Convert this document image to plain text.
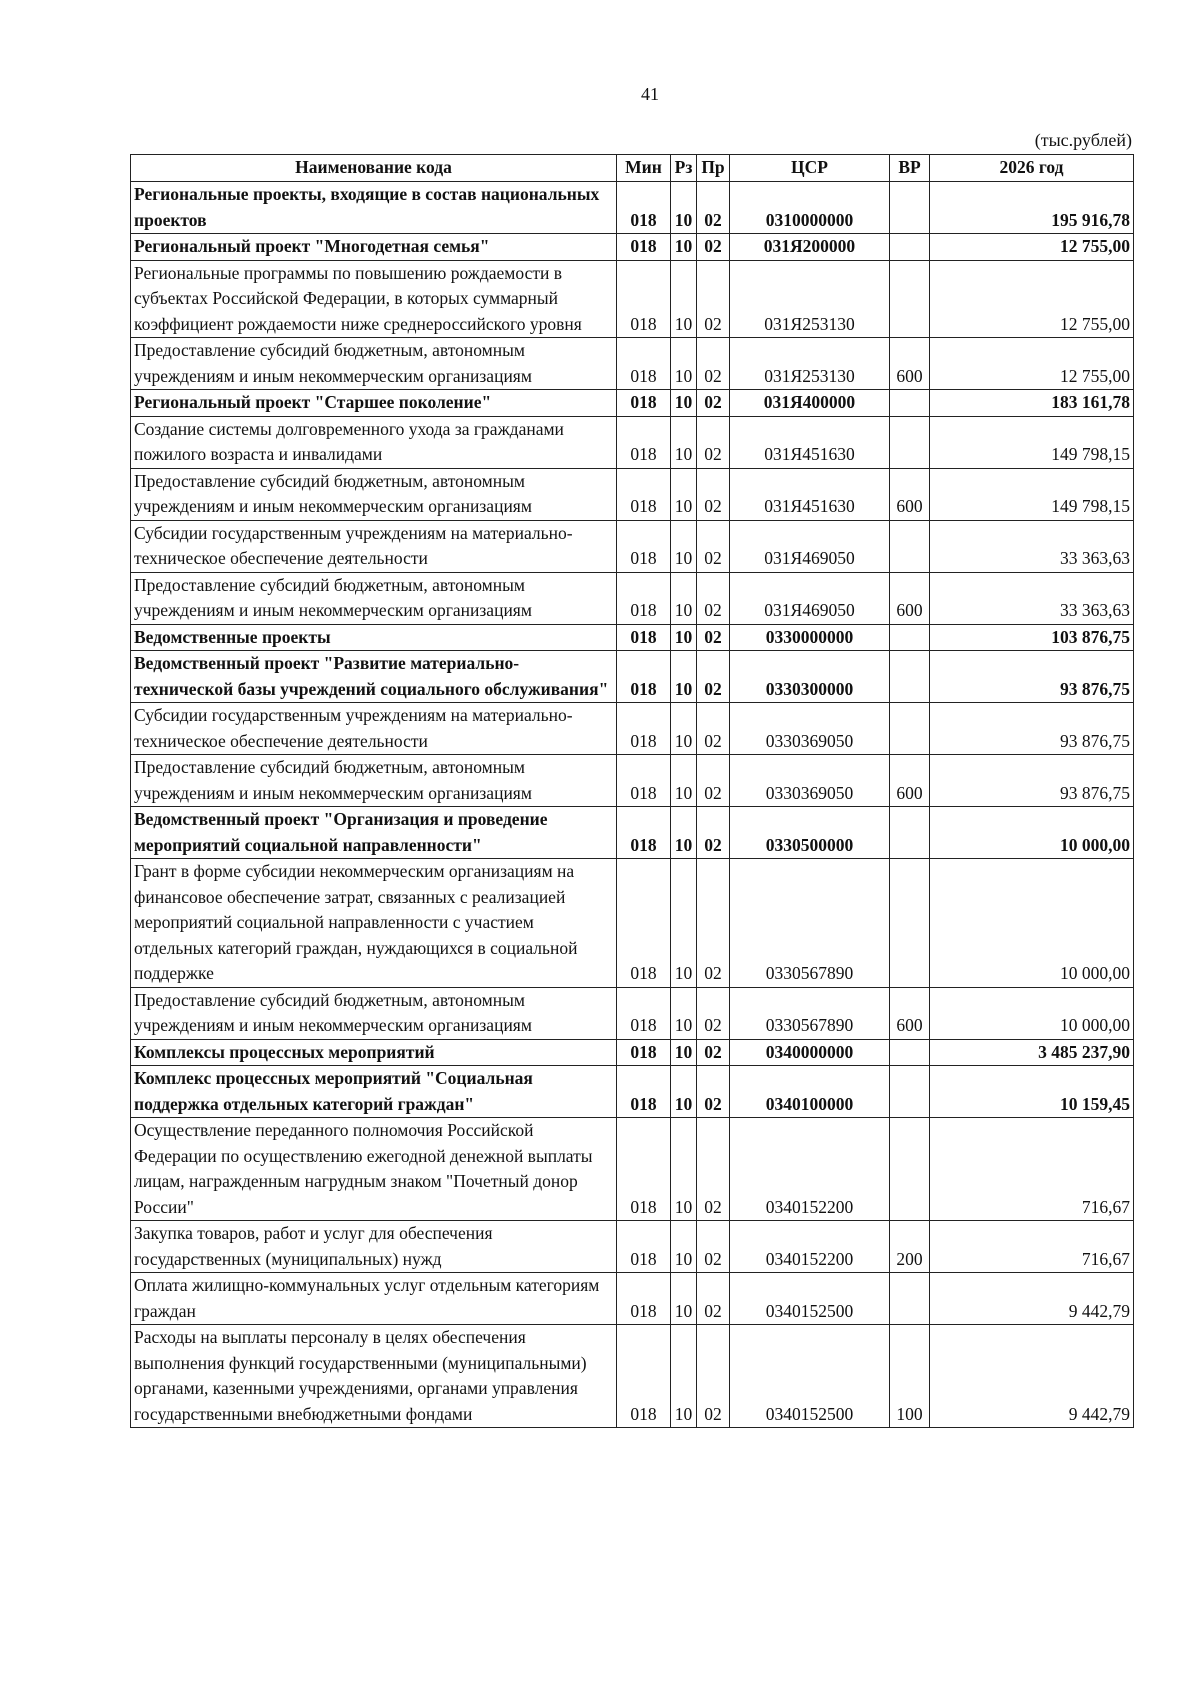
41
(тыс.рублей)
Наименование кода	Мин	Рз	Пр	ЦСР	ВР	2026 год
Региональные проекты, входящие в состав национальных проектов	018	10	02	0310000000		195 916,78
Региональный проект "Многодетная семья"	018	10	02	031Я200000		12 755,00
Региональные программы по повышению рождаемости в субъектах Российской Федерации, в которых суммарный коэффициент рождаемости ниже среднероссийского уровня	018	10	02	031Я253130		12 755,00
Предоставление субсидий бюджетным, автономным учреждениям и иным некоммерческим организациям	018	10	02	031Я253130	600	12 755,00
Региональный проект "Старшее поколение"	018	10	02	031Я400000		183 161,78
Создание системы долговременного ухода за гражданами пожилого возраста и инвалидами	018	10	02	031Я451630		149 798,15
Предоставление субсидий бюджетным, автономным учреждениям и иным некоммерческим организациям	018	10	02	031Я451630	600	149 798,15
Субсидии государственным учреждениям на материально-техническое обеспечение деятельности	018	10	02	031Я469050		33 363,63
Предоставление субсидий бюджетным, автономным учреждениям и иным некоммерческим организациям	018	10	02	031Я469050	600	33 363,63
Ведомственные проекты	018	10	02	0330000000		103 876,75
Ведомственный проект "Развитие материально-технической базы учреждений социального обслуживания"	018	10	02	0330300000		93 876,75
Субсидии государственным учреждениям на материально-техническое обеспечение деятельности	018	10	02	0330369050		93 876,75
Предоставление субсидий бюджетным, автономным учреждениям и иным некоммерческим организациям	018	10	02	0330369050	600	93 876,75
Ведомственный проект "Организация и проведение мероприятий социальной направленности"	018	10	02	0330500000		10 000,00
Грант в форме субсидии некоммерческим организациям на финансовое обеспечение затрат, связанных с реализацией мероприятий социальной направленности с участием отдельных категорий граждан, нуждающихся в социальной поддержке	018	10	02	0330567890		10 000,00
Предоставление субсидий бюджетным, автономным учреждениям и иным некоммерческим организациям	018	10	02	0330567890	600	10 000,00
Комплексы процессных мероприятий	018	10	02	0340000000		3 485 237,90
Комплекс процессных мероприятий "Социальная поддержка отдельных категорий граждан"	018	10	02	0340100000		10 159,45
Осуществление переданного полномочия Российской Федерации по осуществлению ежегодной денежной выплаты лицам, награжденным нагрудным знаком "Почетный донор России"	018	10	02	0340152200		716,67
Закупка товаров, работ и услуг для обеспечения государственных (муниципальных) нужд	018	10	02	0340152200	200	716,67
Оплата жилищно-коммунальных услуг отдельным категориям граждан	018	10	02	0340152500		9 442,79
Расходы на выплаты персоналу в целях обеспечения выполнения функций государственными (муниципальными) органами, казенными учреждениями, органами управления государственными внебюджетными фондами	018	10	02	0340152500	100	9 442,79
